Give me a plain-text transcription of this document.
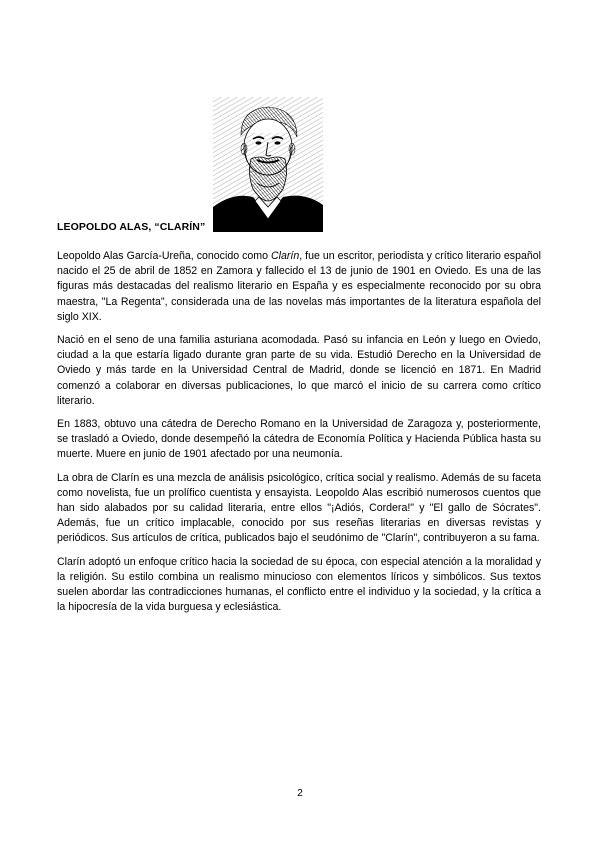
LEOPOLDO ALAS, “CLARÍN”

Leopoldo Alas García-Ureña, conocido como Clarín, fue un escritor, periodista y crítico literario español nacido el 25 de abril de 1852 en Zamora y fallecido el 13 de junio de 1901 en Oviedo. Es una de las figuras más destacadas del realismo literario en España y es especialmente reconocido por su obra maestra, "La Regenta", considerada una de las novelas más importantes de la literatura española del siglo XIX.

Nació en el seno de una familia asturiana acomodada. Pasó su infancia en León y luego en Oviedo, ciudad a la que estaría ligado durante gran parte de su vida. Estudió Derecho en la Universidad de Oviedo y más tarde en la Universidad Central de Madrid, donde se licenció en 1871. En Madrid comenzó a colaborar en diversas publicaciones, lo que marcó el inicio de su carrera como crítico literario.

En 1883, obtuvo una cátedra de Derecho Romano en la Universidad de Zaragoza y, posteriormente, se trasladó a Oviedo, donde desempeñó la cátedra de Economía Política y Hacienda Pública hasta su muerte. Muere en junio de 1901 afectado por una neumonía.

La obra de Clarín es una mezcla de análisis psicológico, crítica social y realismo. Además de su faceta como novelista, fue un prolífico cuentista y ensayista. Leopoldo Alas escribió numerosos cuentos que han sido alabados por su calidad literaria, entre ellos "¡Adiós, Cordera!" y "El gallo de Sócrates". Además, fue un crítico implacable, conocido por sus reseñas literarias en diversas revistas y periódicos. Sus artículos de crítica, publicados bajo el seudónimo de "Clarín", contribuyeron a su fama.

Clarín adoptó un enfoque crítico hacia la sociedad de su época, con especial atención a la moralidad y la religión. Su estilo combina un realismo minucioso con elementos líricos y simbólicos. Sus textos suelen abordar las contradicciones humanas, el conflicto entre el individuo y la sociedad, y la crítica a la hipocresía de la vida burguesa y eclesiástica.

2
